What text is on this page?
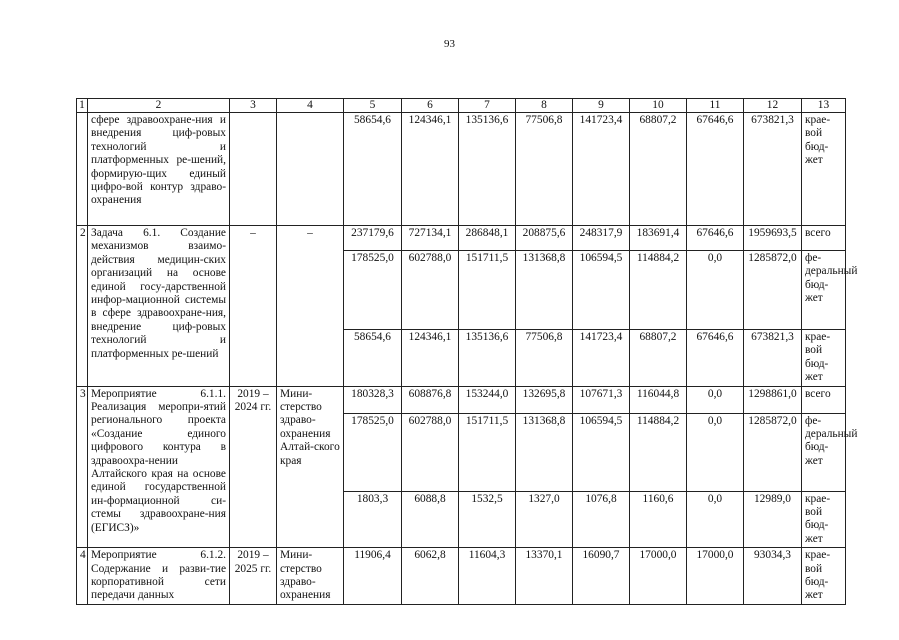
93
1	2	3	4	5	6	7	8	9	10	11	12	13
	сфере здравоохране-ния и внедрения циф-ровых технологий и платформенных ре-шений, формирую-щих единый цифро-вой контур здраво-охранения			58654,6	124346,1	135136,6	77506,8	141723,4	68807,2	67646,6	673821,3	крае-вой бюд-жет
2	Задача 6.1. Создание механизмов взаимо-действия медицин-ских организаций на основе единой госу-дарственной инфор-мационной системы в сфере здравоохране-ния, внедрение циф-ровых технологий и платформенных ре-шений	–	–	237179,6	727134,1	286848,1	208875,6	248317,9	183691,4	67646,6	1959693,5	всего
				178525,0	602788,0	151711,5	131368,8	106594,5	114884,2	0,0	1285872,0	фе-деральный бюд-жет
				58654,6	124346,1	135136,6	77506,8	141723,4	68807,2	67646,6	673821,3	крае-вой бюд-жет
3	Мероприятие 6.1.1. Реализация меропри-ятий регионального проекта «Создание единого цифрового контура в здравоохра-нении Алтайского края на основе единой государственной ин-формационной си-стемы здравоохране-ния (ЕГИСЗ)»	2019 – 2024 гг.	Мини-стерство здраво-охранения Алтай-ского края	180328,3	608876,8	153244,0	132695,8	107671,3	116044,8	0,0	1298861,0	всего
				178525,0	602788,0	151711,5	131368,8	106594,5	114884,2	0,0	1285872,0	фе-деральный бюд-жет
				1803,3	6088,8	1532,5	1327,0	1076,8	1160,6	0,0	12989,0	крае-вой бюд-жет
4	Мероприятие 6.1.2. Содержание и разви-тие корпоративной сети передачи данных	2019 – 2025 гг.	Мини-стерство здраво-охранения	11906,4	6062,8	11604,3	13370,1	16090,7	17000,0	17000,0	93034,3	крае-вой бюд-жет
